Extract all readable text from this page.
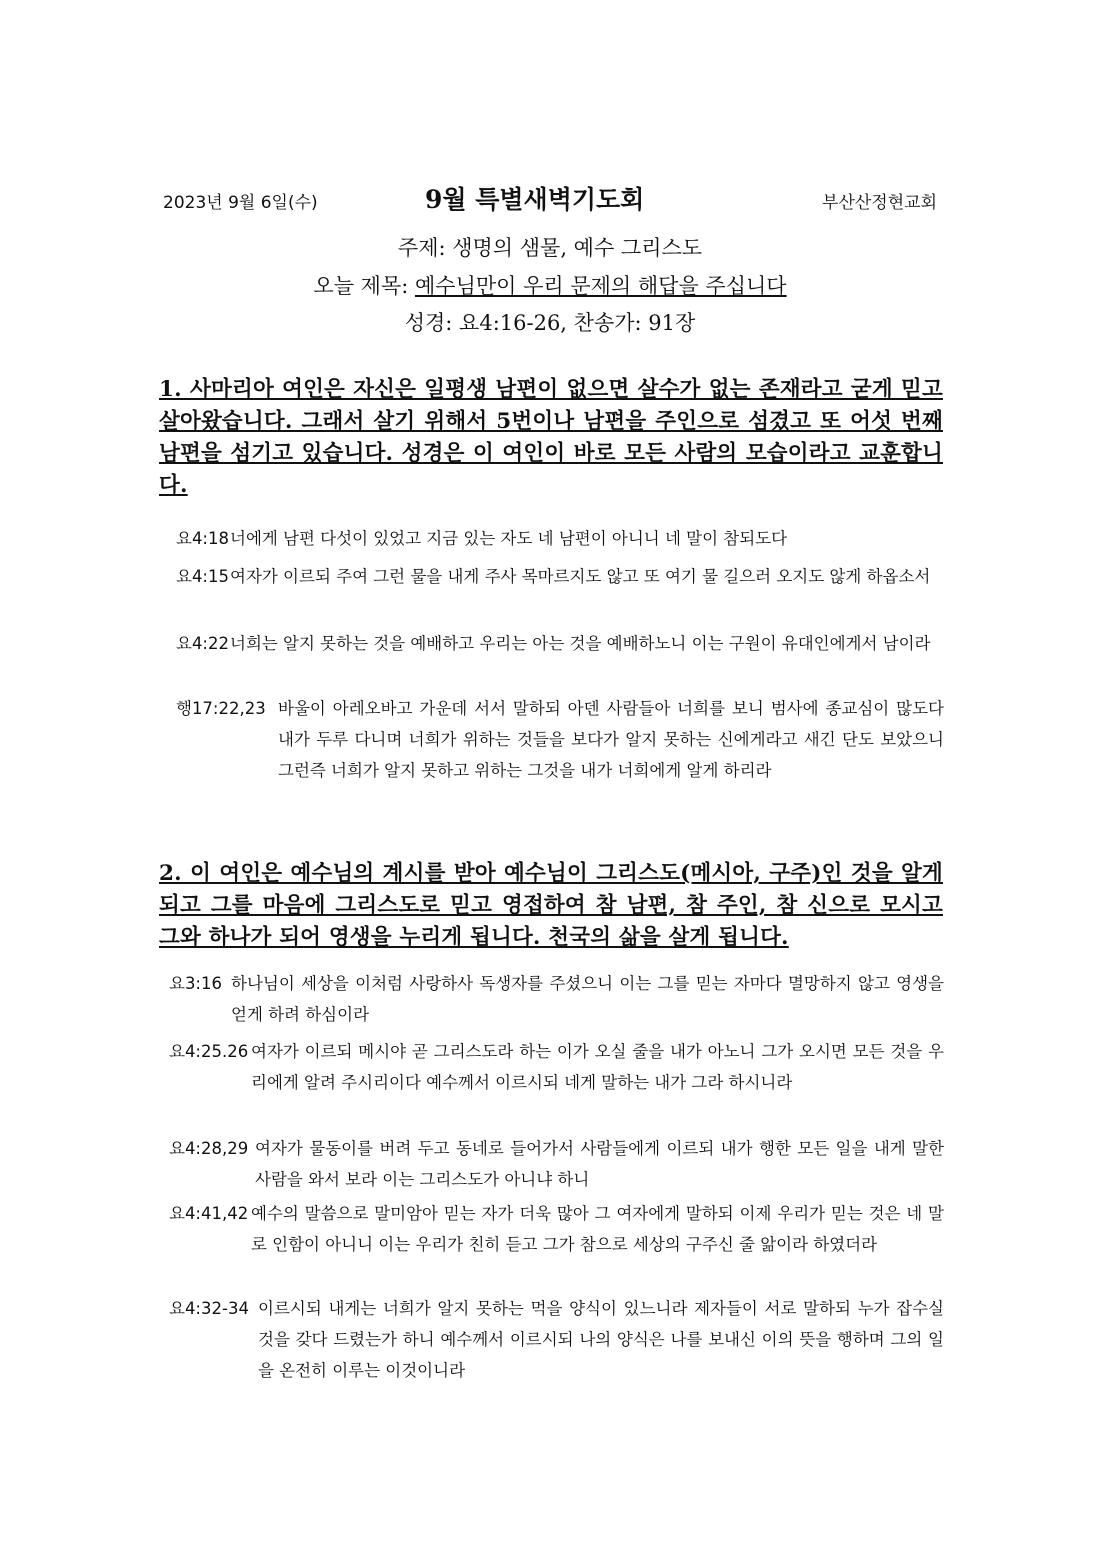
2023년 9월 6일(수)	9월 특별새벽기도회	부산산정현교회
주제: 생명의 샘물, 예수 그리스도
오늘 제목: 예수님만이 우리 문제의 해답을 주십니다
성경: 요4:16-26, 찬송가: 91장
1. 사마리아 여인은 자신은 일평생 남편이 없으면 살수가 없는 존재라고 굳게 믿고 살아왔습니다. 그래서 살기 위해서 5번이나 남편을 주인으로 섬겼고 또 어섯 번째 남편을 섬기고 있습니다. 성경은 이 여인이 바로 모든 사람의 모습이라고 교훈합니다.
요4:18 너에게 남편 다섯이 있었고 지금 있는 자도 네 남편이 아니니 네 말이 참되도다
요4:15 여자가 이르되 주여 그런 물을 내게 주사 목마르지도 않고 또 여기 물 길으러 오지도 않게 하옵소서
요4:22 너희는 알지 못하는 것을 예배하고 우리는 아는 것을 예배하노니 이는 구원이 유대인에게서 남이라
행17:22,23 바울이 아레오바고 가운데 서서 말하되 아덴 사람들아 너희를 보니 범사에 종교심이 많도다 내가 두루 다니며 너희가 위하는 것들을 보다가 알지 못하는 신에게라고 새긴 단도 보았으니 그런즉 너희가 알지 못하고 위하는 그것을 내가 너희에게 알게 하리라
2. 이 여인은 예수님의 계시를 받아 예수님이 그리스도(메시아, 구주)인 것을 알게 되고 그를 마음에 그리스도로 믿고 영접하여 참 남편, 참 주인, 참 신으로 모시고 그와 하나가 되어 영생을 누리게 됩니다. 천국의 삶을 살게 됩니다.
요3:16 하나님이 세상을 이처럼 사랑하사 독생자를 주셨으니 이는 그를 믿는 자마다 멸망하지 않고 영생을 얻게 하려 하심이라
요4:25.26 여자가 이르되 메시야 곧 그리스도라 하는 이가 오실 줄을 내가 아노니 그가 오시면 모든 것을 우리에게 알려 주시리이다 예수께서 이르시되 네게 말하는 내가 그라 하시니라
요4:28,29 여자가 물동이를 버려 두고 동네로 들어가서 사람들에게 이르되 내가 행한 모든 일을 내게 말한 사람을 와서 보라 이는 그리스도가 아니냐 하니
요4:41,42 예수의 말씀으로 말미암아 믿는 자가 더욱 많아 그 여자에게 말하되 이제 우리가 믿는 것은 네 말로 인함이 아니니 이는 우리가 친히 듣고 그가 참으로 세상의 구주신 줄 앎이라 하였더라
요4:32-34 이르시되 내게는 너희가 알지 못하는 먹을 양식이 있느니라 제자들이 서로 말하되 누가 잡수실 것을 갖다 드렸는가 하니 예수께서 이르시되 나의 양식은 나를 보내신 이의 뜻을 행하며 그의 일을 온전히 이루는 이것이니라
